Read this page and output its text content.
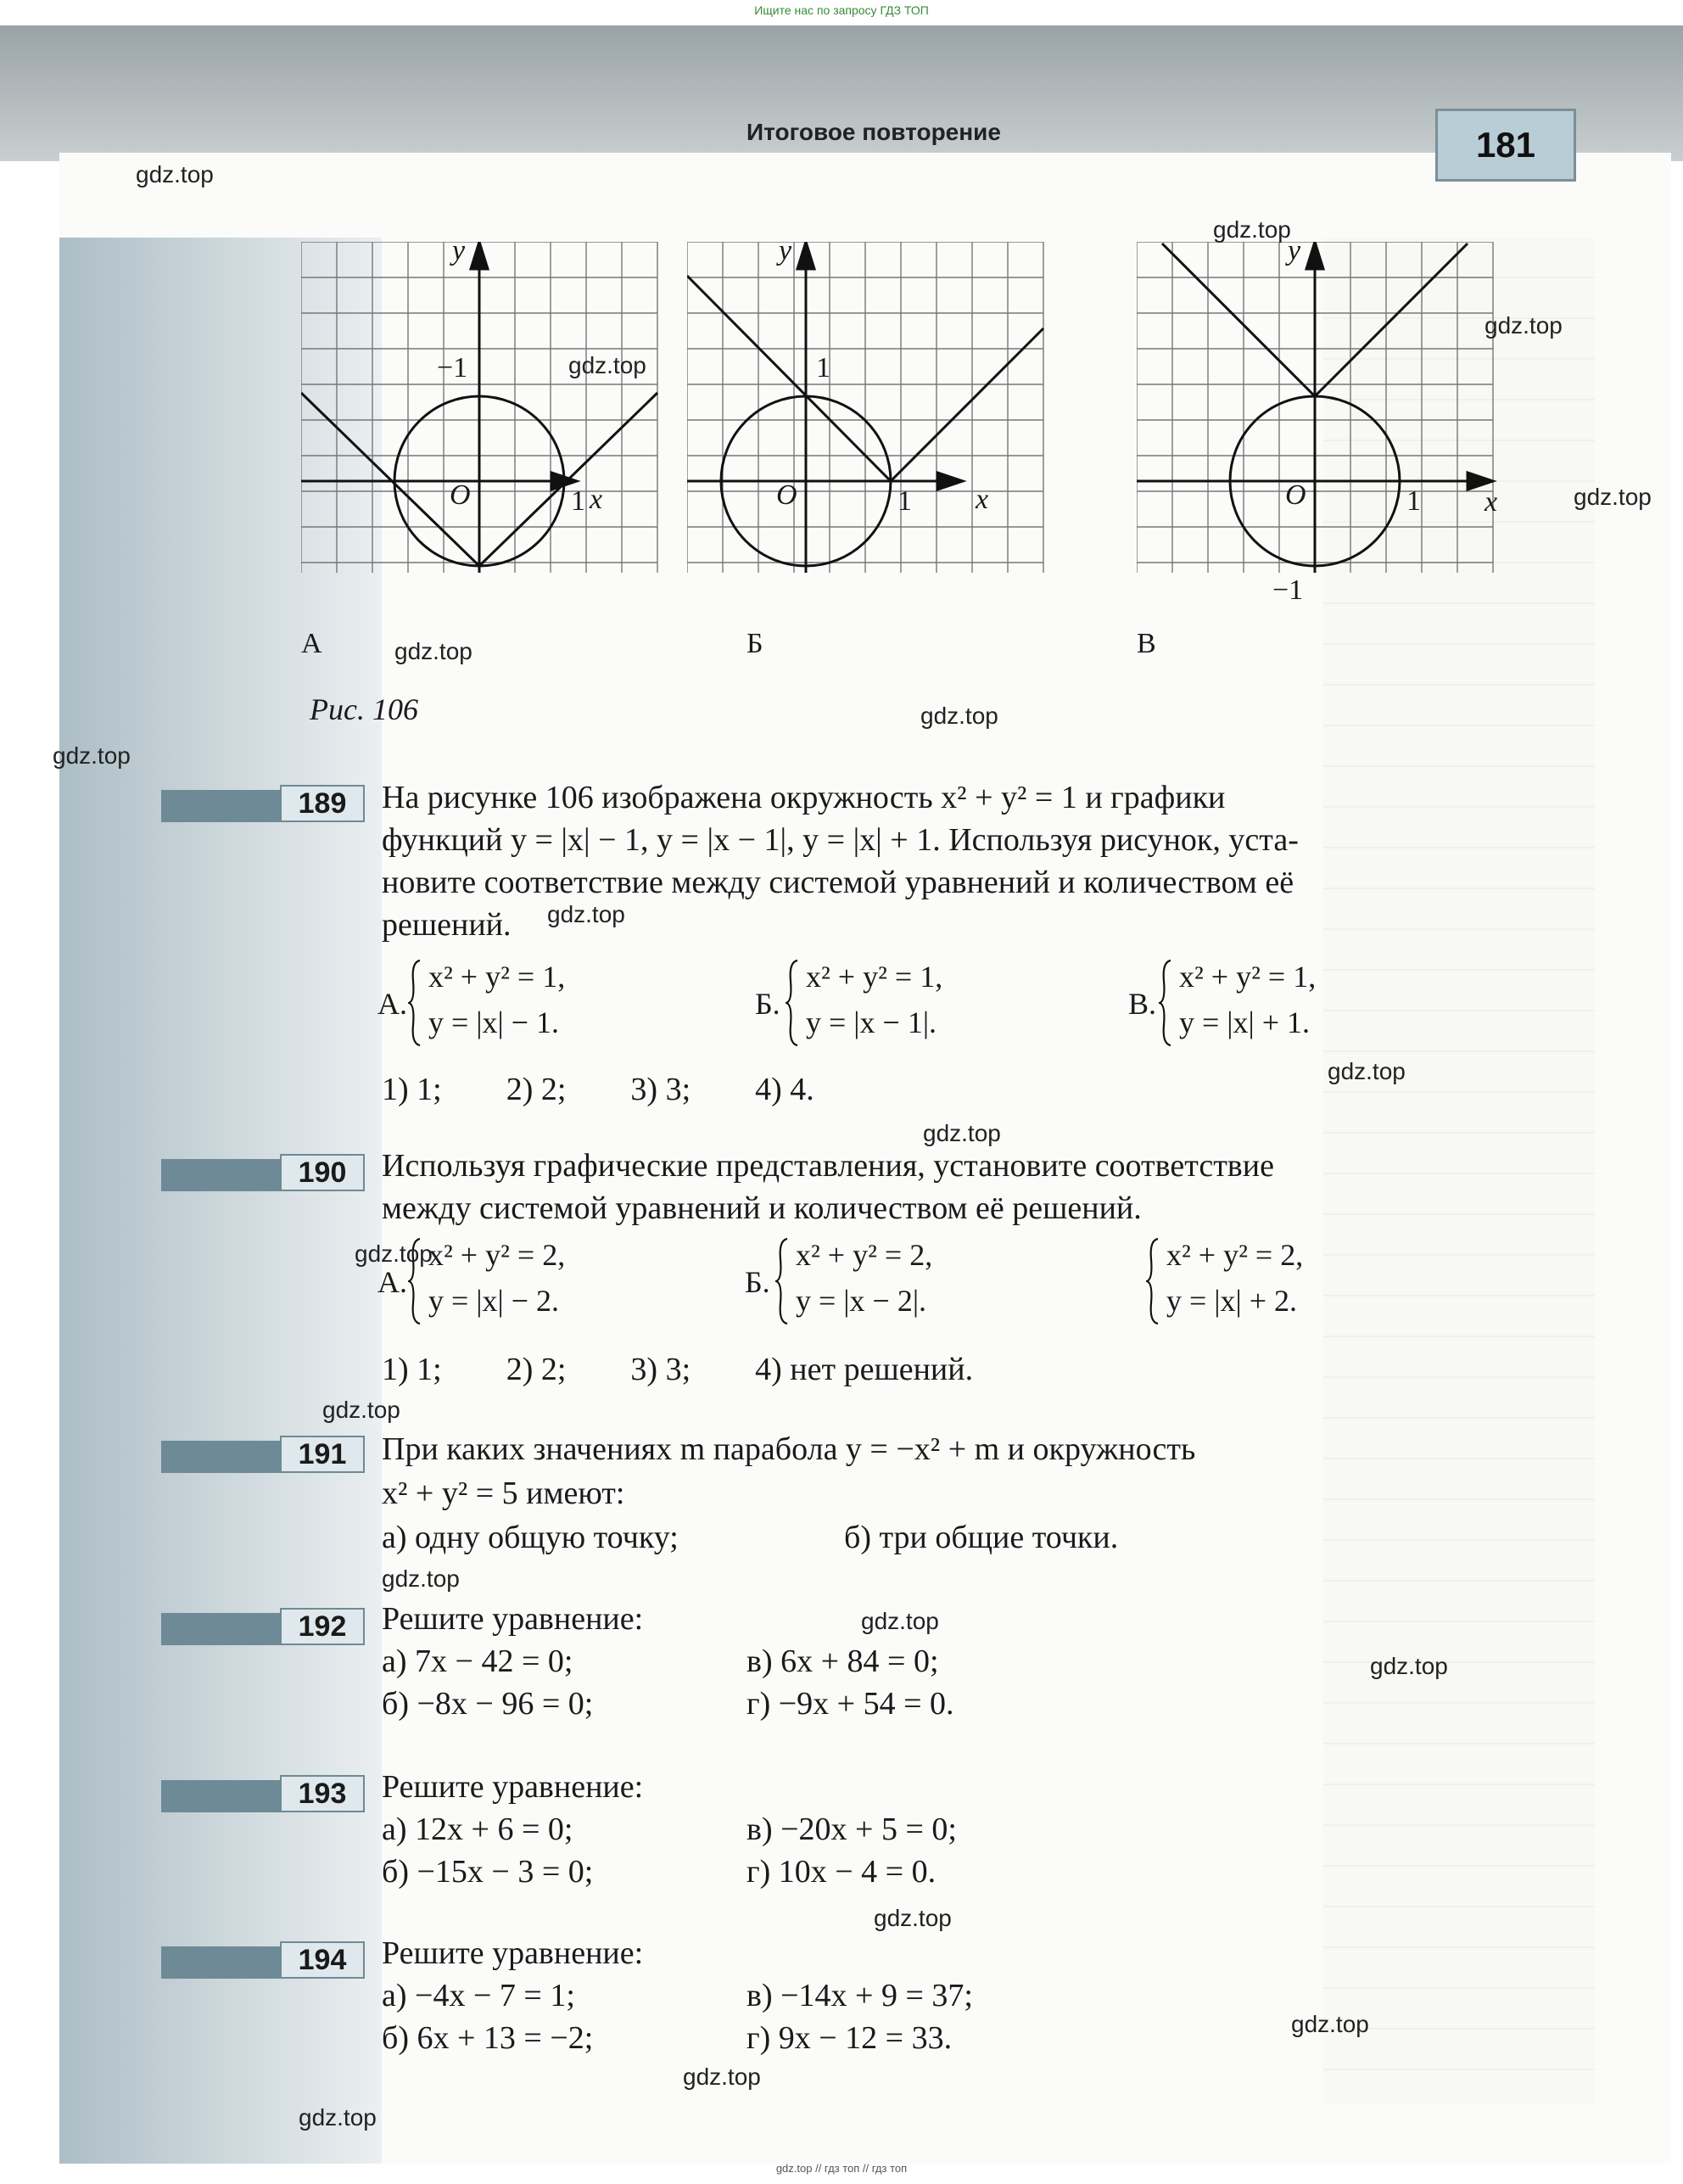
Ищите нас по запросу ГДЗ ТОП
Итоговое повторение	181
y
x
O	1
−1
А
y
x
O	1
1
Б
y
x
O	1
−1
В
Рис. 106
189	На рисунке 106 изображена окружность x² + y² = 1 и графики
функций y = |x| − 1, y = |x − 1|, y = |x| + 1. Используя рисунок, уста-
новите соответствие между системой уравнений и количеством её
решений.
А.
x² + y² = 1,
y = |x| − 1.
Б.
x² + y² = 1,
y = |x − 1|.
В.
x² + y² = 1,
y = |x| + 1.
1) 1;        2) 2;        3) 3;        4) 4.
190	Используя графические представления, установите соответствие
между системой уравнений и количеством её решений.
А.
x² + y² = 2,
y = |x| − 2.
Б.
x² + y² = 2,
y = |x − 2|.
x² + y² = 2,
y = |x| + 2.
1) 1;        2) 2;        3) 3;        4) нет решений.
191	При каких значениях m парабола y = −x² + m и окружность
x² + y² = 5 имеют:
а) одну общую точку;	б) три общие точки.
192	Решите уравнение:
а) 7x − 42 = 0;	в) 6x + 84 = 0;
б) −8x − 96 = 0;	г) −9x + 54 = 0.
193	Решите уравнение:
а) 12x + 6 = 0;	в) −20x + 5 = 0;
б) −15x − 3 = 0;	г) 10x − 4 = 0.
194	Решите уравнение:
а) −4x − 7 = 1;	в) −14x + 9 = 37;
б) 6x + 13 = −2;	г) 9x − 12 = 33.
gdz.top
gdz.top
gdz.top
gdz.top
gdz.top
gdz.top
gdz.top
gdz.top
gdz.top
gdz.top
gdz.top
gdz.top
gdz.top
gdz.top
gdz.top
gdz.top
gdz.top
gdz.top
gdz.top
gdz.top
gdz.top // гдз топ // гдз топ
